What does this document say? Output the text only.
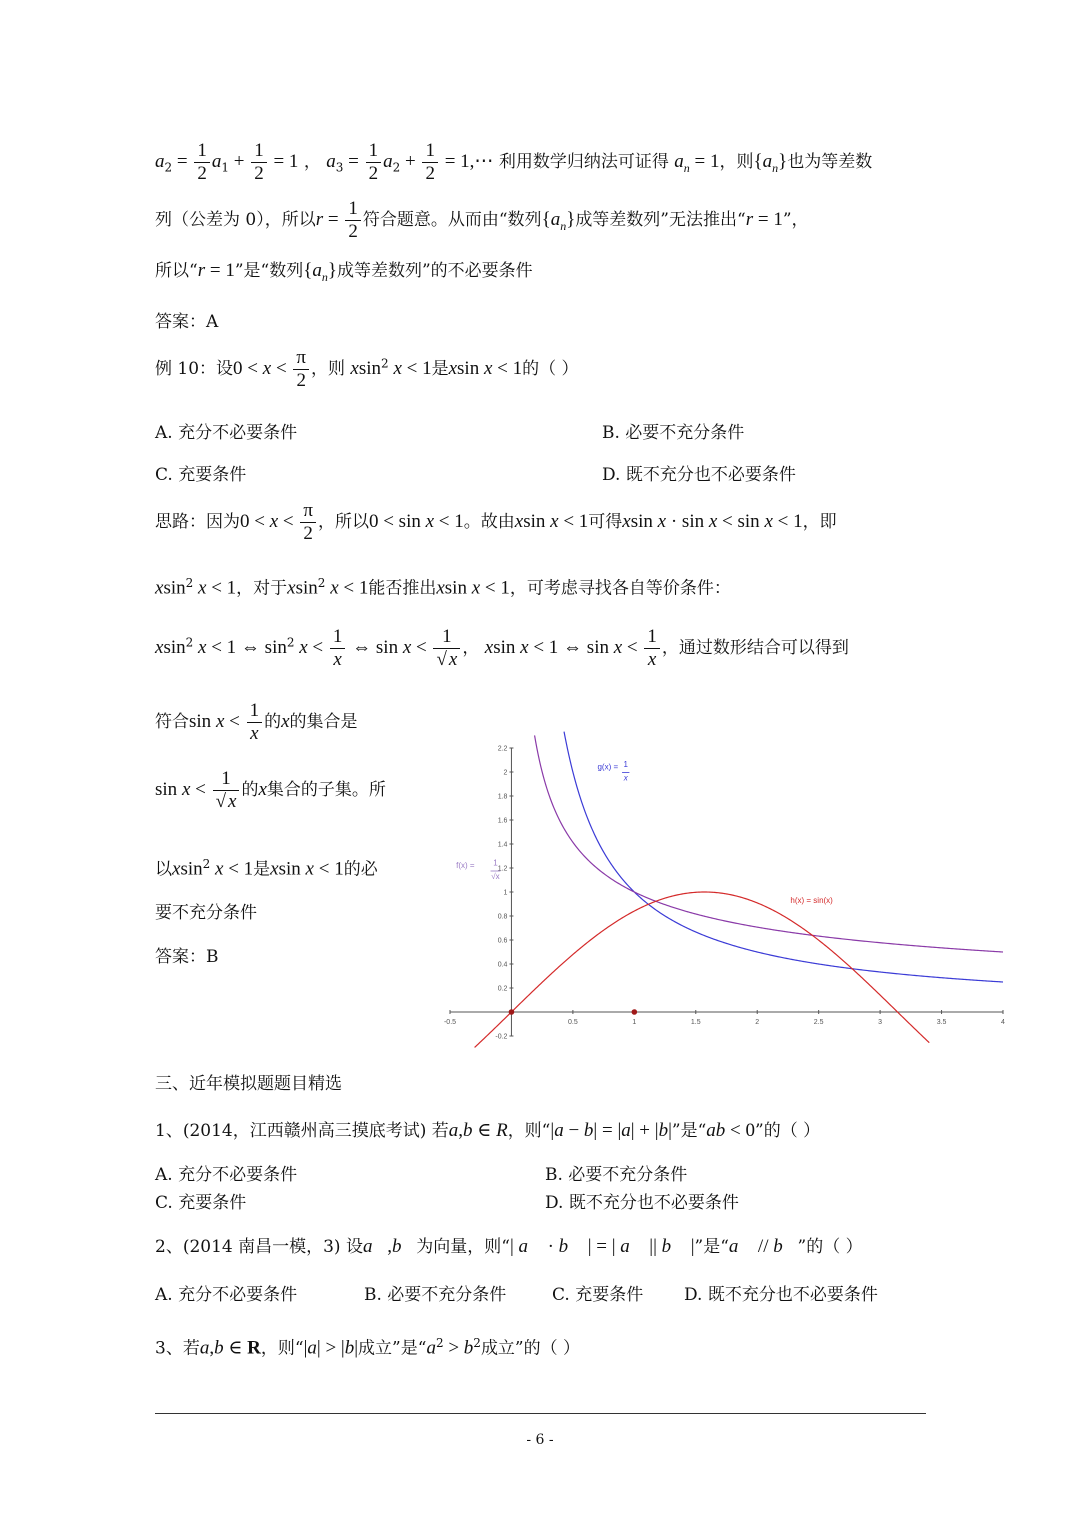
$a_2 = \frac{1}{2} a_1 + \frac{1}{2} = 1$ ， $a_3 = \frac{1}{2} a_2 + \frac{1}{2}$ = 1,⋯ 利用数学归纳法可证得 $a_n = 1$，则$\{a_n\}$也为等差数
列（公差为 0），所以$r = \frac{1}{2}$ 符合题意。从而由“数列$\{a_n\}$成等差数列”无法推出“r = 1”，
所以“r = 1”是“数列$\{a_n\}$成等差数列”的不必要条件
答案：A
例 10：设$0 < x < \frac{\pi}{2}$ ，则 xsin$^2$ x < 1是xsin x < 1的（ ）
A. 充分不必要条件	B. 必要不充分条件
C. 充要条件	D. 既不充分也不必要条件
思路：因为$0 < x < \frac{\pi}{2}$ ，所以0 < sin x < 1。故由xsin x < 1可得xsin x · sin x < sin x < 1，即
xsin$^2$ x < 1，对于xsin$^2$ x < 1能否推出xsin x < 1，可考虑寻找各自等价条件：
xsin$^2$ x < 1 ⇔ $\sin^2 x < \frac{1}{x}$ ⇔ $\sin x < \frac{1}{√ x}$ ， xsin x < 1 ⇔ $\sin x < \frac{1}{x}$ ，通过数形结合可以得到
符合$\sin x < \frac{1}{x}$ 的x的集合是
$\sin x < \frac{1}{√ x}$ 的x集合的子集。所
以xsin$^2$ x < 1是xsin x < 1的必
要不充分条件
答案：B
-0.5	0.5	1	1.5	2	2.5	3	3.5	4
-0.2
0.2
0.4
0.6
0.8
1
1.2
1.4
1.6
1.8
2
2.2
g(x) = 1
x
f(x) = 1
√x
h(x) = sin(x)
三、近年模拟题题目精选
1、(2014，江西赣州高三摸底考试) 若a,b ∈ R，则“|a − b| = |a| + |b|”是“ab < 0”的（ ）
A. 充分不必要条件	B. 必要不充分条件
C. 充要条件	D. 既不充分也不必要条件
2、(2014 南昌一模，3) 设a⃗,b⃗为向量，则“| a⃗ · b⃗ | = | a⃗ || b⃗ |”是“a⃗ // b⃗”的（ ）
A. 充分不必要条件	B. 必要不充分条件	C. 充要条件 D. 既不充分也不必要条件
3、若a,b ∈ R，则“|a| > |b|成立”是“$a^2 > b^2$成立”的（ ）
- 6 -
